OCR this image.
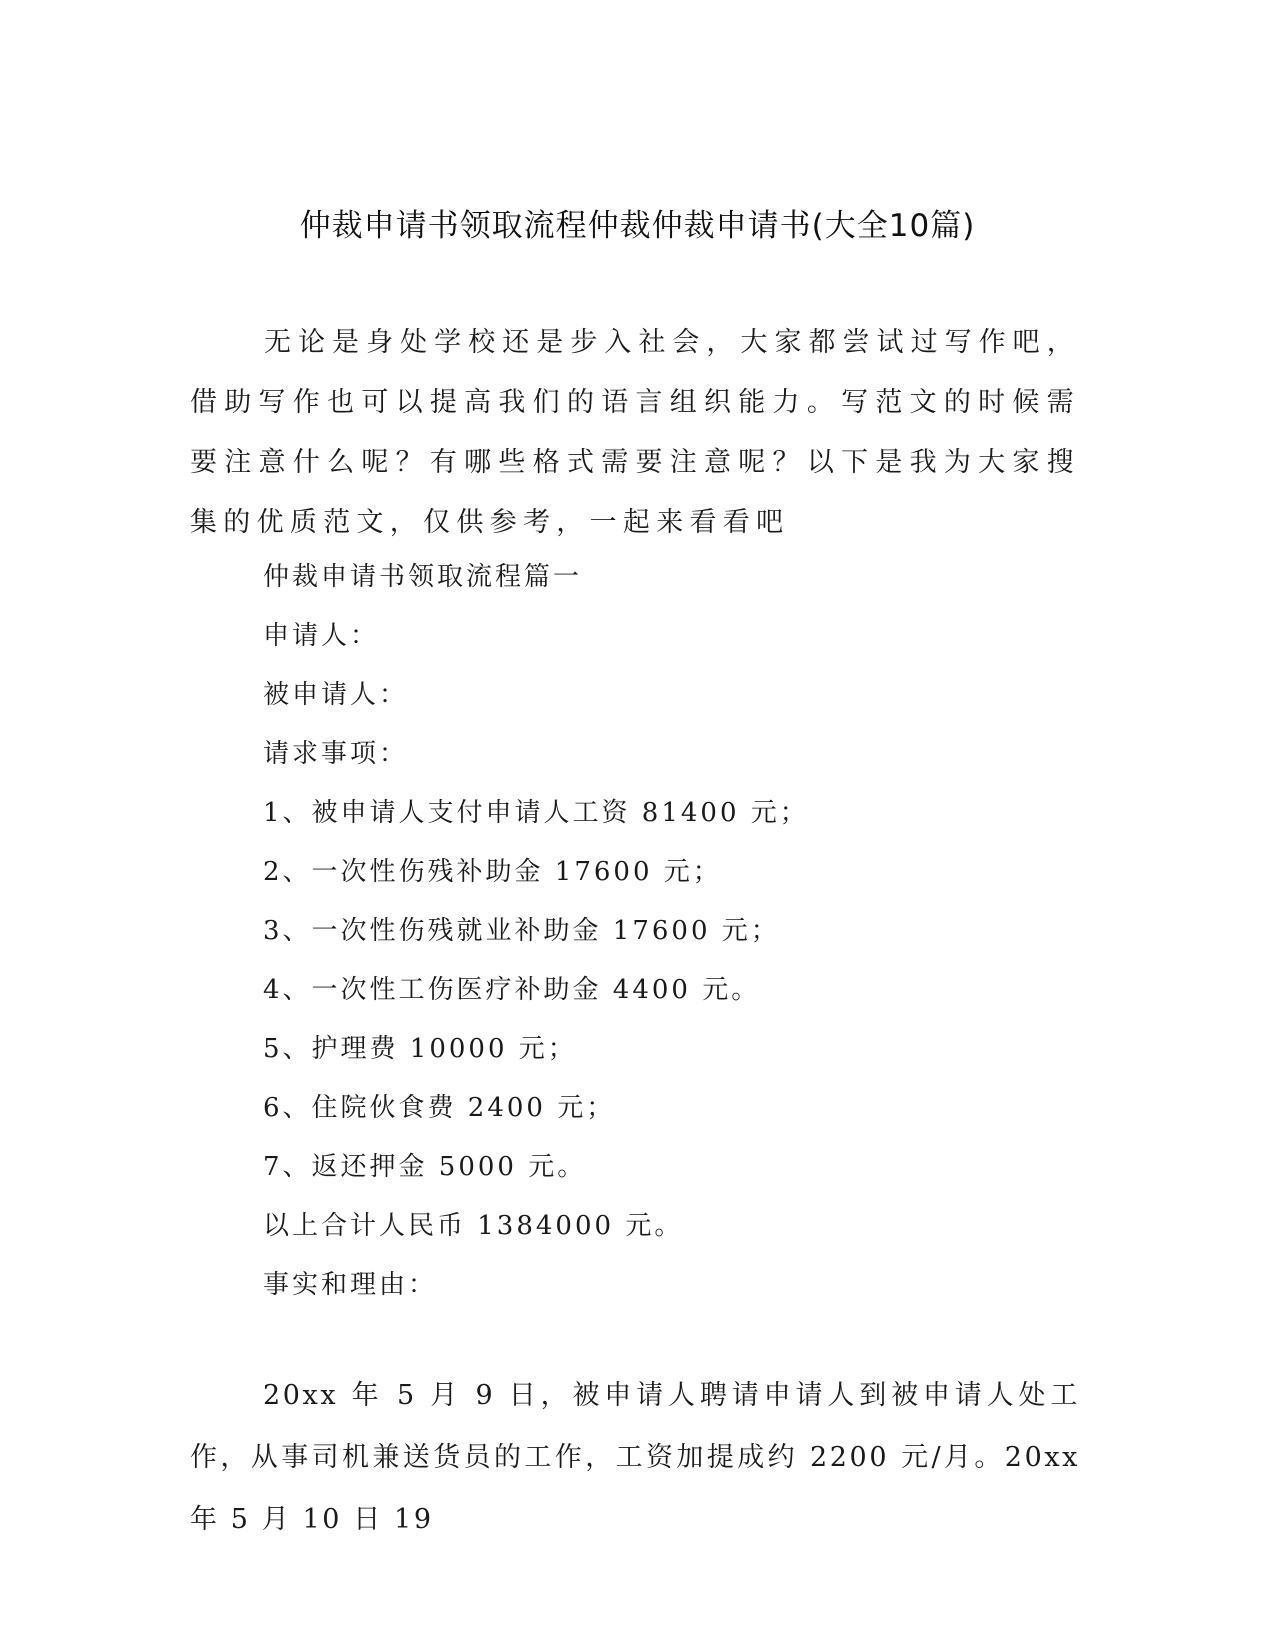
仲裁申请书领取流程仲裁仲裁申请书(大全10篇)

无论是身处学校还是步入社会，大家都尝试过写作吧，借助写作也可以提高我们的语言组织能力。写范文的时候需要注意什么呢？有哪些格式需要注意呢？以下是我为大家搜集的优质范文，仅供参考，一起来看看吧

仲裁申请书领取流程篇一

申请人：

被申请人：

请求事项：

1、被申请人支付申请人工资 81400 元；

2、一次性伤残补助金 17600 元；

3、一次性伤残就业补助金 17600 元；

4、一次性工伤医疗补助金 4400 元。

5、护理费 10000 元；

6、住院伙食费 2400 元；

7、返还押金 5000 元。

以上合计人民币 1384000 元。

事实和理由：

20xx 年 5 月 9 日，被申请人聘请申请人到被申请人处工作，从事司机兼送货员的工作，工资加提成约 2200 元/月。20xx 年 5 月 10 日 19
